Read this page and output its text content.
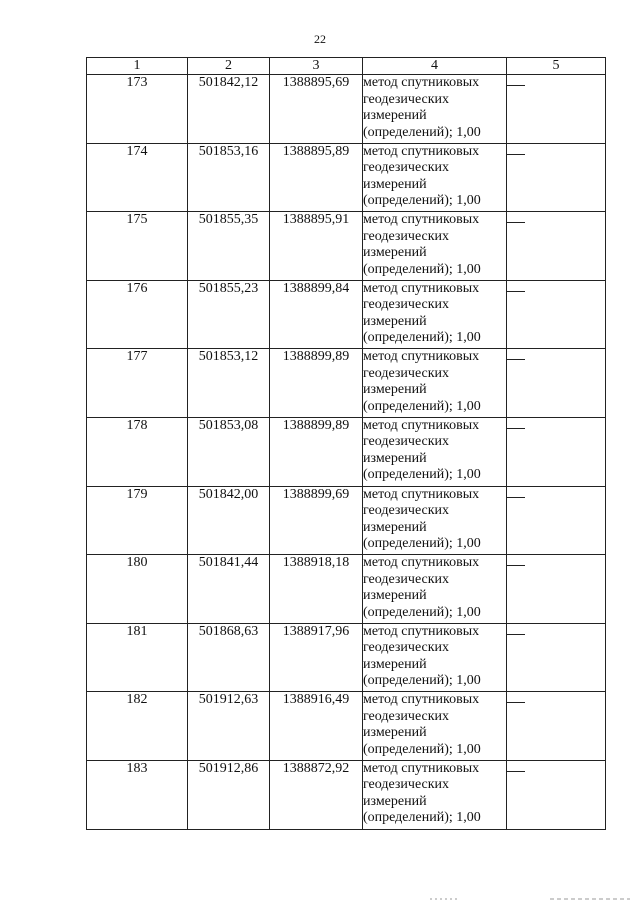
22
1	2	3	4	5
173	501842,12	1388895,69	метод спутниковых
геодезических
измерений
(определений); 1,00	

174	501853,16	1388895,89	метод спутниковых
геодезических
измерений
(определений); 1,00	

175	501855,35	1388895,91	метод спутниковых
геодезических
измерений
(определений); 1,00	

176	501855,23	1388899,84	метод спутниковых
геодезических
измерений
(определений); 1,00	

177	501853,12	1388899,89	метод спутниковых
геодезических
измерений
(определений); 1,00	

178	501853,08	1388899,89	метод спутниковых
геодезических
измерений
(определений); 1,00	

179	501842,00	1388899,69	метод спутниковых
геодезических
измерений
(определений); 1,00	

180	501841,44	1388918,18	метод спутниковых
геодезических
измерений
(определений); 1,00	

181	501868,63	1388917,96	метод спутниковых
геодезических
измерений
(определений); 1,00	

182	501912,63	1388916,49	метод спутниковых
геодезических
измерений
(определений); 1,00	

183	501912,86	1388872,92	метод спутниковых
геодезических
измерений
(определений); 1,00	
